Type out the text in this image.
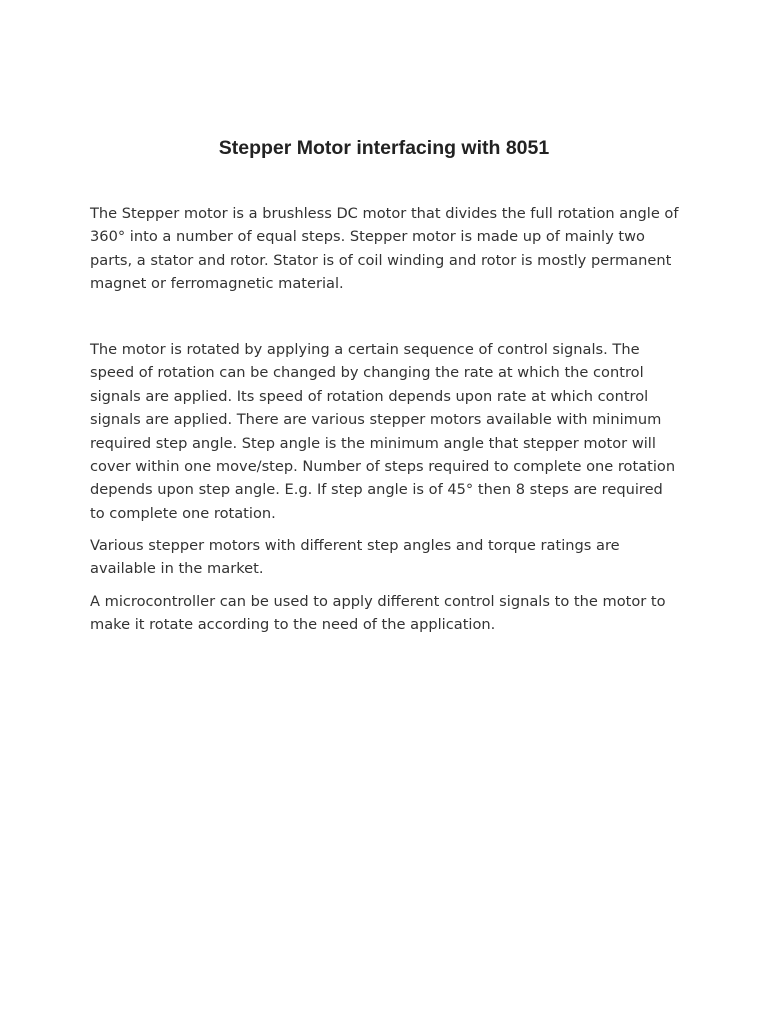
Stepper Motor interfacing with 8051

The Stepper motor is a brushless DC motor that divides the full rotation angle of 360° into a number of equal steps. Stepper motor is made up of mainly two parts, a stator and rotor. Stator is of coil winding and rotor is mostly permanent magnet or ferromagnetic material.

The motor is rotated by applying a certain sequence of control signals. The speed of rotation can be changed by changing the rate at which the control signals are applied. Its speed of rotation depends upon rate at which control signals are applied. There are various stepper motors available with minimum required step angle. Step angle is the minimum angle that stepper motor will cover within one move/step. Number of steps required to complete one rotation depends upon step angle. E.g. If step angle is of 45° then 8 steps are required to complete one rotation.

Various stepper motors with different step angles and torque ratings are available in the market.

A microcontroller can be used to apply different control signals to the motor to make it rotate according to the need of the application.
